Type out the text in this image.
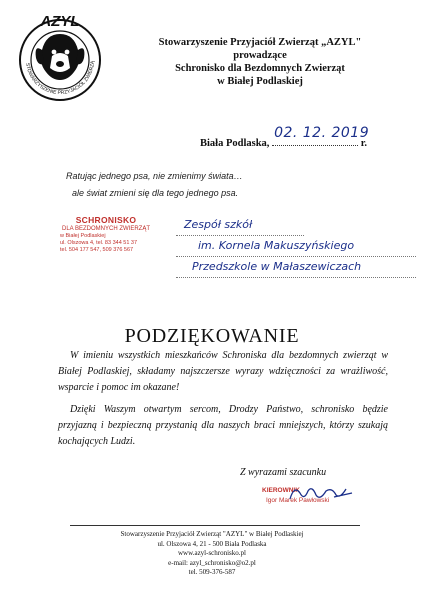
AZYL
STOWARZYSZENIE PRZYJACIÓŁ ZWIERZĄ
Stowarzyszenie Przyjaciół Zwierząt „AZYL"
prowadzące
Schronisko dla Bezdomnych Zwierząt
w Białej Podlaskiej
Biała Podlaska,
02. 12. 2019
r.
Ratując jednego psa, nie zmienimy świata…
ale świat zmieni się dla tego jednego psa.
SCHRONISKO
DLA BEZDOMNYCH ZWIERZĄT
w Białej Podlaskiej
ul. Olszowa 4, tel. 83 344 51 37
tel. 504 177 547, 509 376 567
Zespół szkół
im. Kornela Makuszyńskiego
Przedszkole w Małaszewiczach
PODZIĘKOWANIE

W imieniu wszystkich mieszkańców Schroniska dla bezdomnych zwierząt w Białej Podlaskiej, składamy najszczersze wyrazy wdzięczności za wrażliwość, wsparcie i pomoc im okazane!

Dzięki Waszym otwartym sercom, Drodzy Państwo, schronisko będzie przyjazną i bezpieczną przystanią dla naszych braci mniejszych, którzy szukają kochających Ludzi.

Z wyrazami szacunku
KIEROWNIK
Igor Marek Pawłowski
Stowarzyszenie Przyjaciół Zwierząt "AZYL" w Białej Podlaskiej
ul. Olszowa 4, 21 - 500 Biała Podlaska
www.azyl-schronisko.pl
e-mail: azyl_schronisko@o2.pl
tel. 509-376-587
